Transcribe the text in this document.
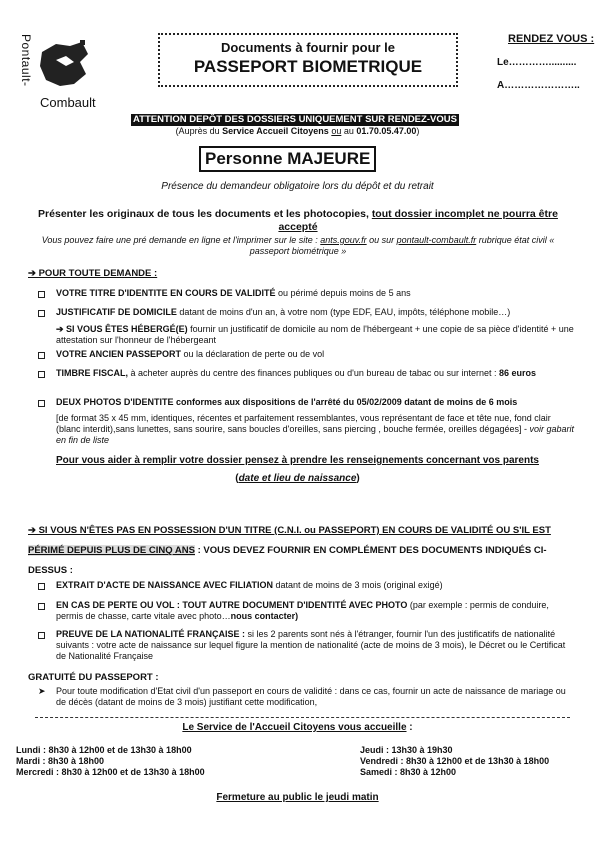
Pontault-
Combault
Documents à fournir pour le
PASSEPORT BIOMETRIQUE
RENDEZ VOUS :
Le…………..........
A…………………..
ATTENTION DEPÔT DES DOSSIERS UNIQUEMENT SUR RENDEZ-VOUS
(Auprès du Service Accueil Citoyens ou au 01.70.05.47.00)
Personne MAJEURE
Présence du demandeur obligatoire lors du dépôt et du retrait
Présenter les originaux de tous les documents et les photocopies, tout dossier incomplet ne pourra être accepté
Vous pouvez faire une pré demande en ligne et l'imprimer sur le site : ants.gouv.fr ou sur pontault-combault.fr rubrique état civil « passeport biométrique »
➔ POUR TOUTE DEMANDE :
VOTRE TITRE D'IDENTITE EN COURS DE VALIDITÉ ou périmé depuis moins de 5 ans
JUSTIFICATIF DE DOMICILE datant de moins d'un an, à votre nom (type EDF, EAU, impôts, téléphone mobile…)
➔ SI VOUS ÊTES HÉBERGÉ(E) fournir un justificatif de domicile au nom de l'hébergeant + une copie de sa pièce d'identité + une attestation sur l'honneur de l'hébergeant
VOTRE ANCIEN PASSEPORT ou la déclaration de perte ou de vol
TIMBRE FISCAL, à acheter auprès du centre des finances publiques ou d'un bureau de tabac ou sur internet : 86 euros
DEUX PHOTOS D'IDENTITE conformes aux dispositions de l'arrêté du 05/02/2009 datant de moins de 6 mois
[de format 35 x 45 mm, identiques, récentes et parfaitement ressemblantes, vous représentant de face et tête nue, fond clair (blanc interdit),sans lunettes, sans sourire, sans boucles d'oreilles, sans piercing , bouche fermée, oreilles dégagées] - voir gabarit en fin de liste
Pour vous aider à remplir votre dossier pensez à prendre les renseignements concernant vos parents
(date et lieu de naissance)
➔ SI VOUS N'ÊTES PAS EN POSSESSION D'UN TITRE (C.N.I. ou PASSEPORT) EN COURS DE VALIDITÉ OU S'IL EST
PÉRIMÉ DEPUIS PLUS DE CINQ ANS : VOUS DEVEZ FOURNIR EN COMPLÉMENT DES DOCUMENTS INDIQUÉS CI-
DESSUS :
EXTRAIT D'ACTE DE NAISSANCE AVEC FILIATION datant de moins de 3 mois (original exigé)
EN CAS DE PERTE OU VOL : TOUT AUTRE DOCUMENT D'IDENTITÉ AVEC PHOTO (par exemple : permis de conduire, permis de chasse, carte vitale avec photo…nous contacter)
PREUVE DE LA NATIONALITÉ FRANÇAISE : si les 2 parents sont nés à l'étranger, fournir l'un des justificatifs de nationalité suivants : votre acte de naissance sur lequel figure la mention de nationalité (acte de moins de 3 mois), le Décret ou le Certificat de Nationalité Française
GRATUITÉ DU PASSEPORT :
➤ Pour toute modification d'Etat civil d'un passeport en cours de validité : dans ce cas, fournir un acte de naissance de mariage ou de décès (datant de moins de 3 mois) justifiant cette modification,
Le Service de l'Accueil Citoyens vous accueille :
Lundi : 8h30 à 12h00 et de 13h30 à 18h00
Mardi : 8h30 à 18h00
Mercredi : 8h30 à 12h00 et de 13h30 à 18h00
Jeudi : 13h30 à 19h30
Vendredi : 8h30 à 12h00 et de 13h30 à 18h00
Samedi : 8h30 à 12h00
Fermeture au public le jeudi matin
